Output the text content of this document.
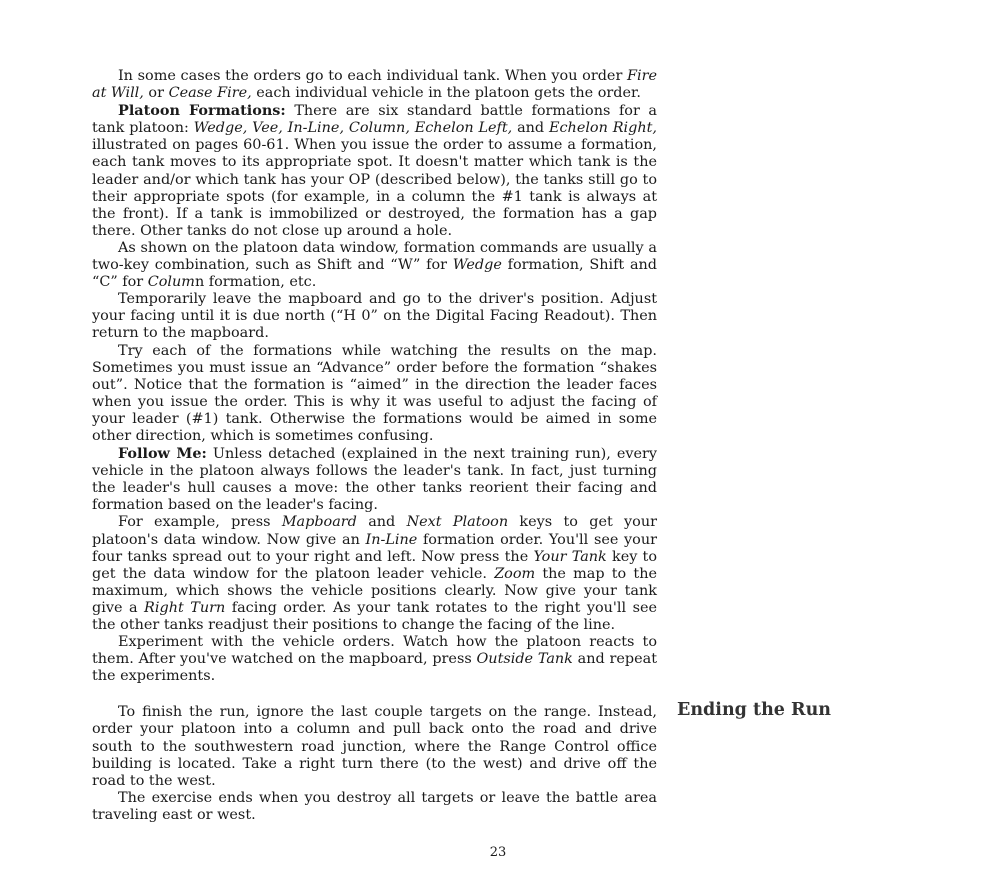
In some cases the orders go to each individual tank. When you order Fire at Will, or Cease Fire, each individual vehicle in the platoon gets the order.

Platoon Formations: There are six standard battle formations for a tank platoon: Wedge, Vee, In-Line, Column, Echelon Left, and Echelon Right, illustrated on pages 60-61. When you issue the order to assume a formation, each tank moves to its appropriate spot. It doesn't matter which tank is the leader and/or which tank has your OP (described below), the tanks still go to their appropriate spots (for example, in a column the #1 tank is always at the front). If a tank is immobilized or destroyed, the formation has a gap there. Other tanks do not close up around a hole.

As shown on the platoon data window, formation commands are usually a two-key combination, such as Shift and “W” for Wedge formation, Shift and “C” for Column formation, etc.

Temporarily leave the mapboard and go to the driver's position. Adjust your facing until it is due north (“H 0” on the Digital Facing Readout). Then return to the mapboard.

Try each of the formations while watching the results on the map. Sometimes you must issue an “Advance” order before the formation “shakes out”. Notice that the formation is “aimed” in the direction the leader faces when you issue the order. This is why it was useful to adjust the facing of your leader (#1) tank. Otherwise the formations would be aimed in some other direction, which is sometimes confusing.

Follow Me: Unless detached (explained in the next training run), every vehicle in the platoon always follows the leader's tank. In fact, just turning the leader's hull causes a move: the other tanks reorient their facing and formation based on the leader's facing.

For example, press Mapboard and Next Platoon keys to get your platoon's data window. Now give an In-Line formation order. You'll see your four tanks spread out to your right and left. Now press the Your Tank key to get the data window for the platoon leader vehicle. Zoom the map to the maximum, which shows the vehicle positions clearly. Now give your tank give a Right Turn facing order. As your tank rotates to the right you'll see the other tanks readjust their positions to change the facing of the line.

Experiment with the vehicle orders. Watch how the platoon reacts to them. After you've watched on the mapboard, press Outside Tank and repeat the experiments.

To finish the run, ignore the last couple targets on the range. Instead, order your platoon into a column and pull back onto the road and drive south to the southwestern road junction, where the Range Control office building is located. Take a right turn there (to the west) and drive off the road to the west.

The exercise ends when you destroy all targets or leave the battle area traveling east or west.

Ending the Run
23
